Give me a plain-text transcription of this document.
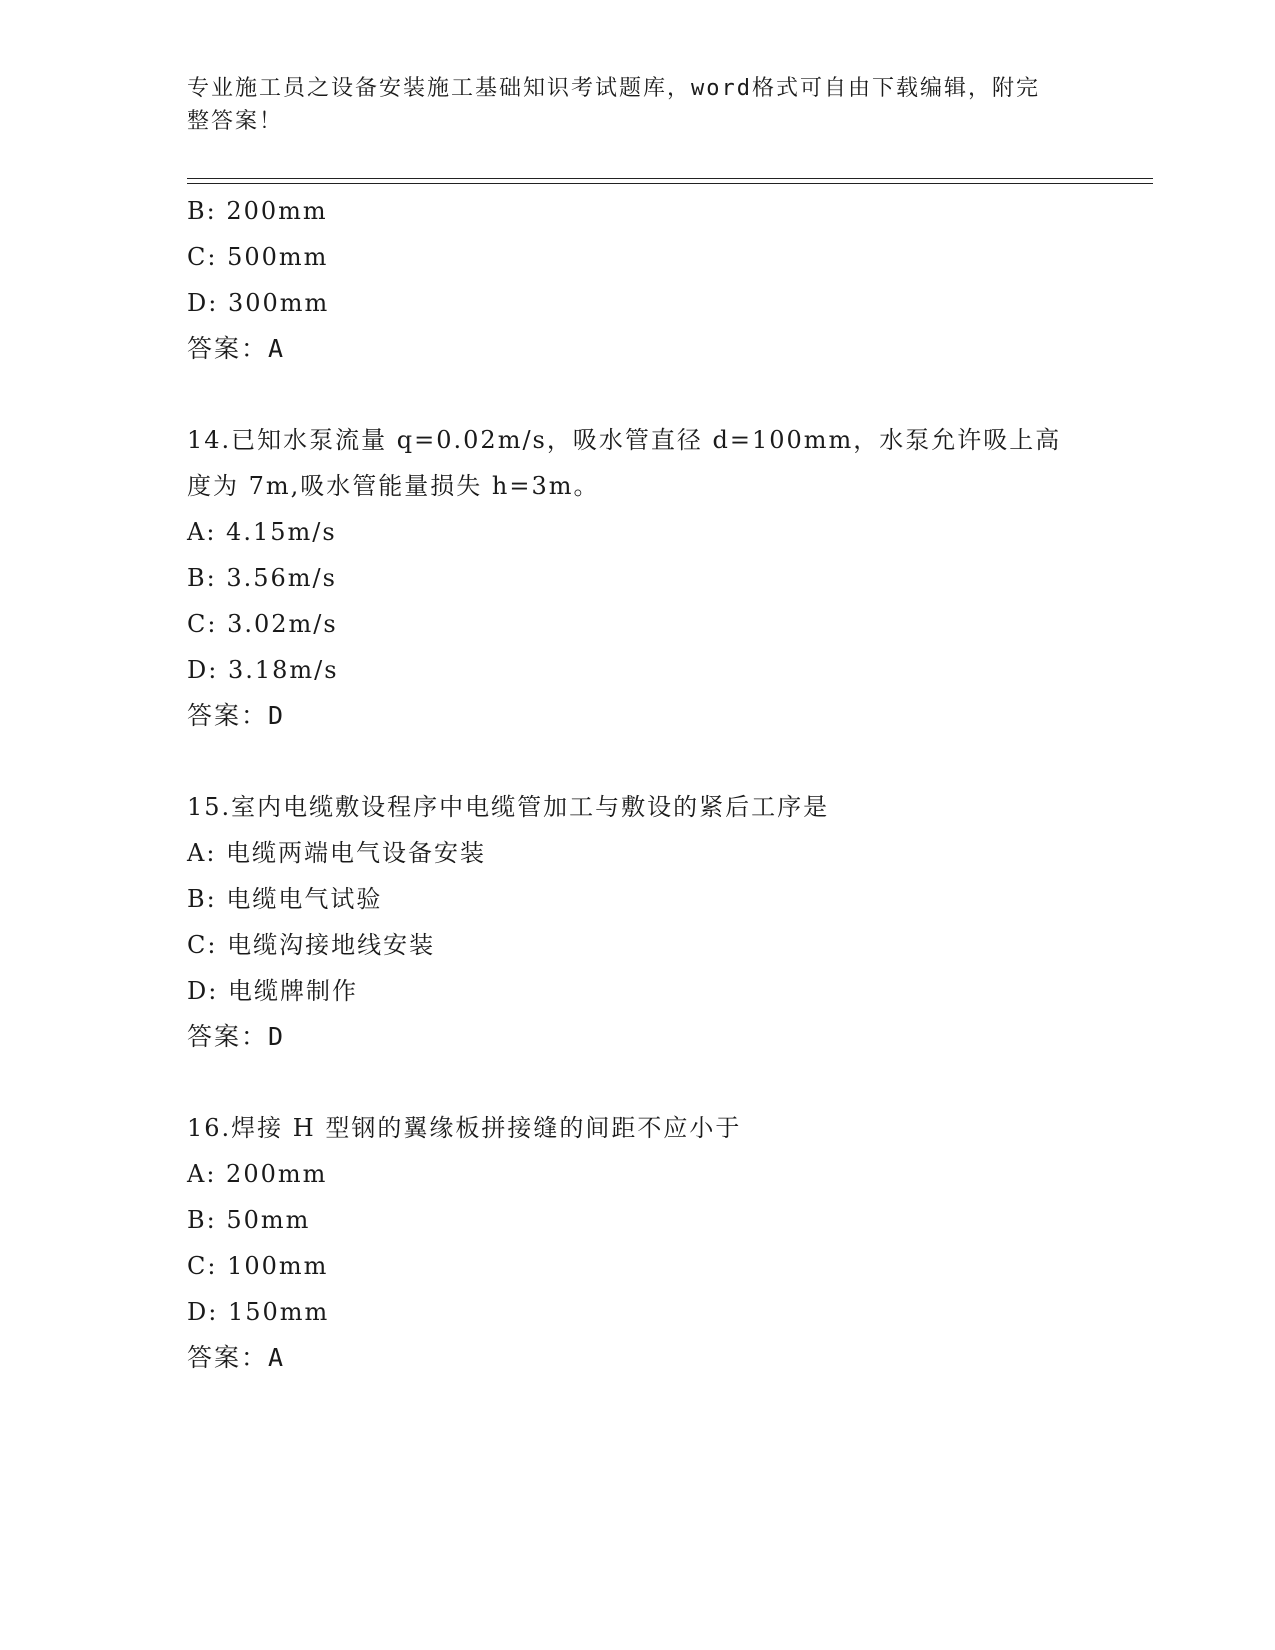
专业施工员之设备安装施工基础知识考试题库，word格式可自由下载编辑，附完
整答案！
B: 200mm
C: 500mm
D: 300mm
答案：A
14.已知水泵流量 q=0.02m/s，吸水管直径 d=100mm，水泵允许吸上高
度为 7m,吸水管能量损失 h=3m。
A: 4.15m/s
B: 3.56m/s
C: 3.02m/s
D: 3.18m/s
答案：D
15.室内电缆敷设程序中电缆管加工与敷设的紧后工序是
A: 电缆两端电气设备安装
B: 电缆电气试验
C: 电缆沟接地线安装
D: 电缆牌制作
答案：D
16.焊接 H 型钢的翼缘板拼接缝的间距不应小于
A: 200mm
B: 50mm
C: 100mm
D: 150mm
答案：A
